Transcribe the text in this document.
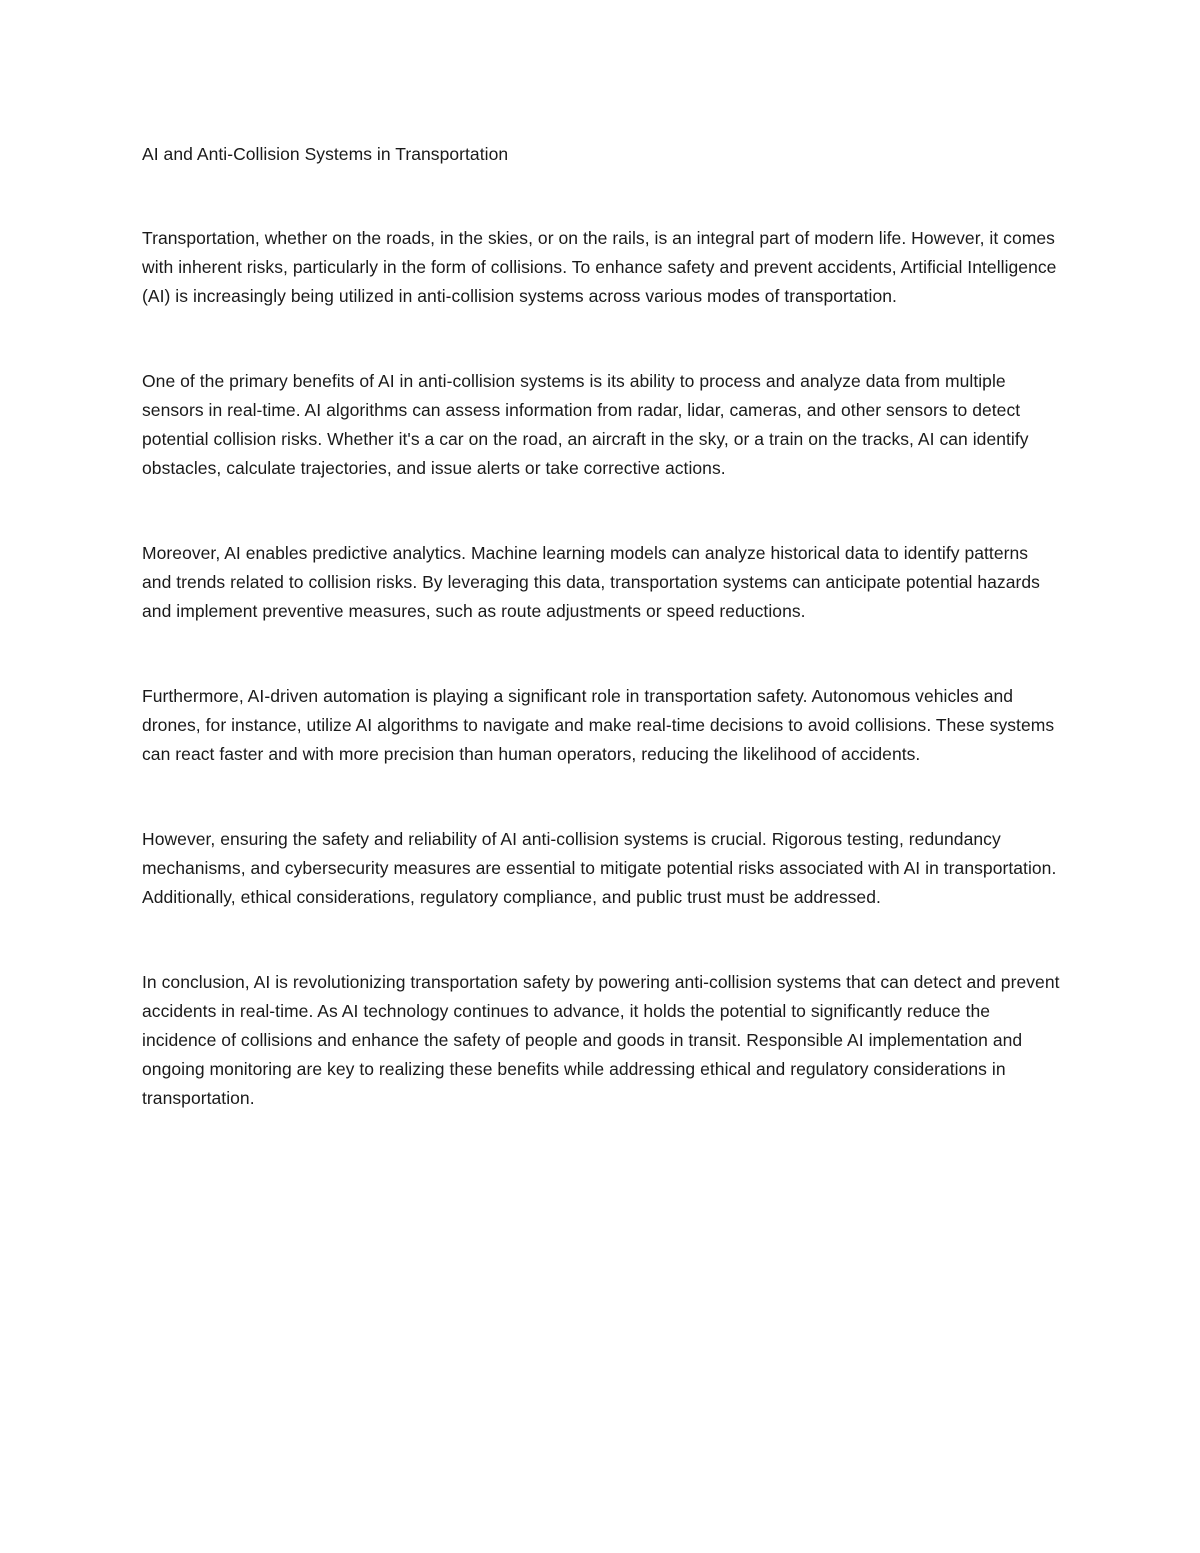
AI and Anti-Collision Systems in Transportation

Transportation, whether on the roads, in the skies, or on the rails, is an integral part of modern life. However, it comes with inherent risks, particularly in the form of collisions. To enhance safety and prevent accidents, Artificial Intelligence (AI) is increasingly being utilized in anti-collision systems across various modes of transportation.

One of the primary benefits of AI in anti-collision systems is its ability to process and analyze data from multiple sensors in real-time. AI algorithms can assess information from radar, lidar, cameras, and other sensors to detect potential collision risks. Whether it's a car on the road, an aircraft in the sky, or a train on the tracks, AI can identify obstacles, calculate trajectories, and issue alerts or take corrective actions.

Moreover, AI enables predictive analytics. Machine learning models can analyze historical data to identify patterns and trends related to collision risks. By leveraging this data, transportation systems can anticipate potential hazards and implement preventive measures, such as route adjustments or speed reductions.

Furthermore, AI-driven automation is playing a significant role in transportation safety. Autonomous vehicles and drones, for instance, utilize AI algorithms to navigate and make real-time decisions to avoid collisions. These systems can react faster and with more precision than human operators, reducing the likelihood of accidents.

However, ensuring the safety and reliability of AI anti-collision systems is crucial. Rigorous testing, redundancy mechanisms, and cybersecurity measures are essential to mitigate potential risks associated with AI in transportation. Additionally, ethical considerations, regulatory compliance, and public trust must be addressed.

In conclusion, AI is revolutionizing transportation safety by powering anti-collision systems that can detect and prevent accidents in real-time. As AI technology continues to advance, it holds the potential to significantly reduce the incidence of collisions and enhance the safety of people and goods in transit. Responsible AI implementation and ongoing monitoring are key to realizing these benefits while addressing ethical and regulatory considerations in transportation.
